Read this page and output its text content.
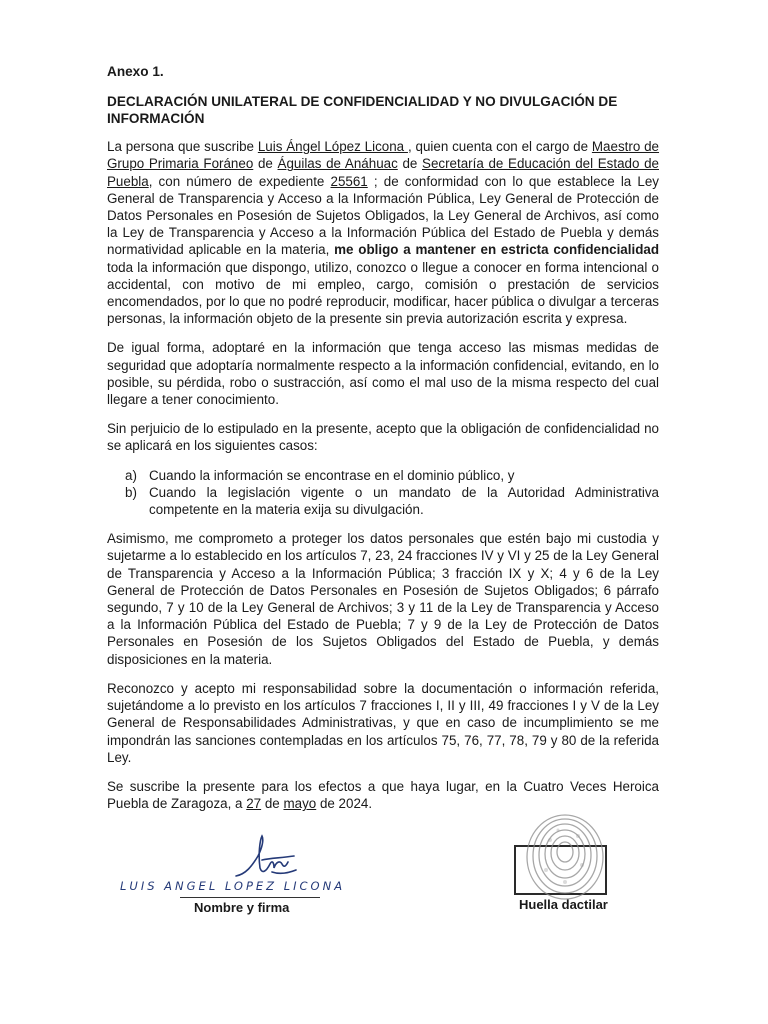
Anexo 1.
DECLARACIÓN UNILATERAL DE CONFIDENCIALIDAD Y NO DIVULGACIÓN DE INFORMACIÓN

La persona que suscribe Luis Ángel López Licona , quien cuenta con el cargo de Maestro de Grupo Primaria Foráneo de Águilas de Anáhuac de Secretaría de Educación del Estado de Puebla, con número de expediente 25561 ; de conformidad con lo que establece la Ley General de Transparencia y Acceso a la Información Pública, Ley General de Protección de Datos Personales en Posesión de Sujetos Obligados, la Ley General de Archivos, así como la Ley de Transparencia y Acceso a la Información Pública del Estado de Puebla y demás normatividad aplicable en la materia, me obligo a mantener en estricta confidencialidad toda la información que dispongo, utilizo, conozco o llegue a conocer en forma intencional o accidental, con motivo de mi empleo, cargo, comisión o prestación de servicios encomendados, por lo que no podré reproducir, modificar, hacer pública o divulgar a terceras personas, la información objeto de la presente sin previa autorización escrita y expresa.

De igual forma, adoptaré en la información que tenga acceso las mismas medidas de seguridad que adoptaría normalmente respecto a la información confidencial, evitando, en lo posible, su pérdida, robo o sustracción, así como el mal uso de la misma respecto del cual llegare a tener conocimiento.

Sin perjuicio de lo estipulado en la presente, acepto que la obligación de confidencialidad no se aplicará en los siguientes casos:

a) Cuando la información se encontrase en el dominio público, y
b) Cuando la legislación vigente o un mandato de la Autoridad Administrativa competente en la materia exija su divulgación.

Asimismo, me comprometo a proteger los datos personales que estén bajo mi custodia y sujetarme a lo establecido en los artículos 7, 23, 24 fracciones IV y VI y 25 de la Ley General de Transparencia y Acceso a la Información Pública; 3 fracción IX y X; 4 y 6 de la Ley General de Protección de Datos Personales en Posesión de Sujetos Obligados; 6 párrafo segundo, 7 y 10 de la Ley General de Archivos; 3 y 11 de la Ley de Transparencia y Acceso a la Información Pública del Estado de Puebla; 7 y 9 de la Ley de Protección de Datos Personales en Posesión de los Sujetos Obligados del Estado de Puebla, y demás disposiciones en la materia.

Reconozco y acepto mi responsabilidad sobre la documentación o información referida, sujetándome a lo previsto en los artículos 7 fracciones I, II y III, 49 fracciones I y V de la Ley General de Responsabilidades Administrativas, y que en caso de incumplimiento se me impondrán las sanciones contempladas en los artículos 75, 76, 77, 78, 79 y 80 de la referida Ley.

Se suscribe la presente para los efectos a que haya lugar, en la Cuatro Veces Heroica Puebla de Zaragoza, a 27 de mayo de 2024.

LUIS ANGEL LOPEZ LICONA
Nombre y firma	Huella dactilar
